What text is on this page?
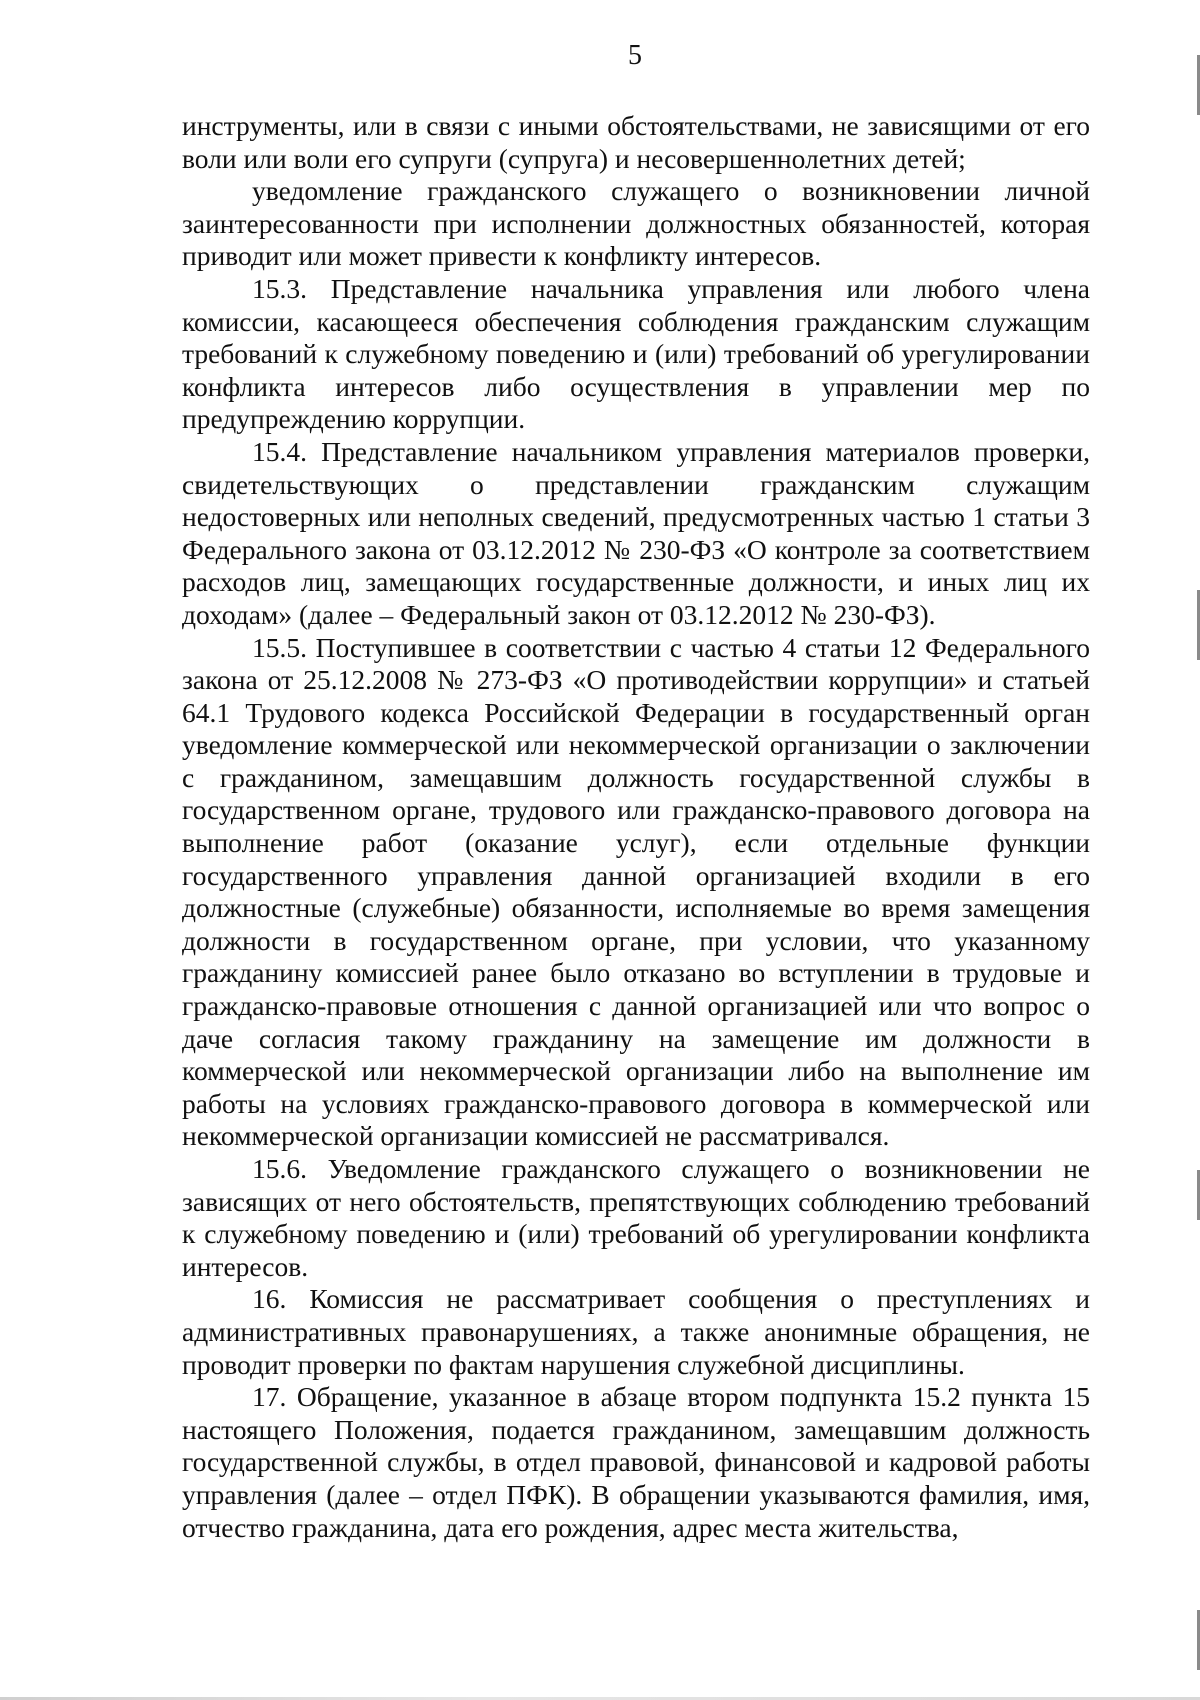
5

инструменты, или в связи с иными обстоятельствами, не зависящими от его воли или воли его супруги (супруга) и несовершеннолетних детей;

уведомление гражданского служащего о возникновении личной заинтересованности при исполнении должностных обязанностей, которая приводит или может привести к конфликту интересов.

15.3. Представление начальника управления или любого члена комиссии, касающееся обеспечения соблюдения гражданским служащим требований к служебному поведению и (или) требований об урегулировании конфликта интересов либо осуществления в управлении мер по предупреждению коррупции.

15.4. Представление начальником управления материалов проверки, свидетельствующих о представлении гражданским служащим недостоверных или неполных сведений, предусмотренных частью 1 статьи 3 Федерального закона от 03.12.2012 № 230-ФЗ «О контроле за соответствием расходов лиц, замещающих государственные должности, и иных лиц их доходам» (далее – Федеральный закон от 03.12.2012 № 230-ФЗ).

15.5. Поступившее в соответствии с частью 4 статьи 12 Федерального закона от 25.12.2008 № 273-ФЗ «О противодействии коррупции» и статьей 64.1 Трудового кодекса Российской Федерации в государственный орган уведомление коммерческой или некоммерческой организации о заключении с гражданином, замещавшим должность государственной службы в государственном органе, трудового или гражданско-правового договора на выполнение работ (оказание услуг), если отдельные функции государственного управления данной организацией входили в его должностные (служебные) обязанности, исполняемые во время замещения должности в государственном органе, при условии, что указанному гражданину комиссией ранее было отказано во вступлении в трудовые и гражданско-правовые отношения с данной организацией или что вопрос о даче согласия такому гражданину на замещение им должности в коммерческой или некоммерческой организации либо на выполнение им работы на условиях гражданско-правового договора в коммерческой или некоммерческой организации комиссией не рассматривался.

15.6. Уведомление гражданского служащего о возникновении не зависящих от него обстоятельств, препятствующих соблюдению требований к служебному поведению и (или) требований об урегулировании конфликта интересов.

16. Комиссия не рассматривает сообщения о преступлениях и административных правонарушениях, а также анонимные обращения, не проводит проверки по фактам нарушения служебной дисциплины.

17. Обращение, указанное в абзаце втором подпункта 15.2 пункта 15 настоящего Положения, подается гражданином, замещавшим должность государственной службы, в отдел правовой, финансовой и кадровой работы управления (далее – отдел ПФК). В обращении указываются фамилия, имя, отчество гражданина, дата его рождения, адрес места жительства,
